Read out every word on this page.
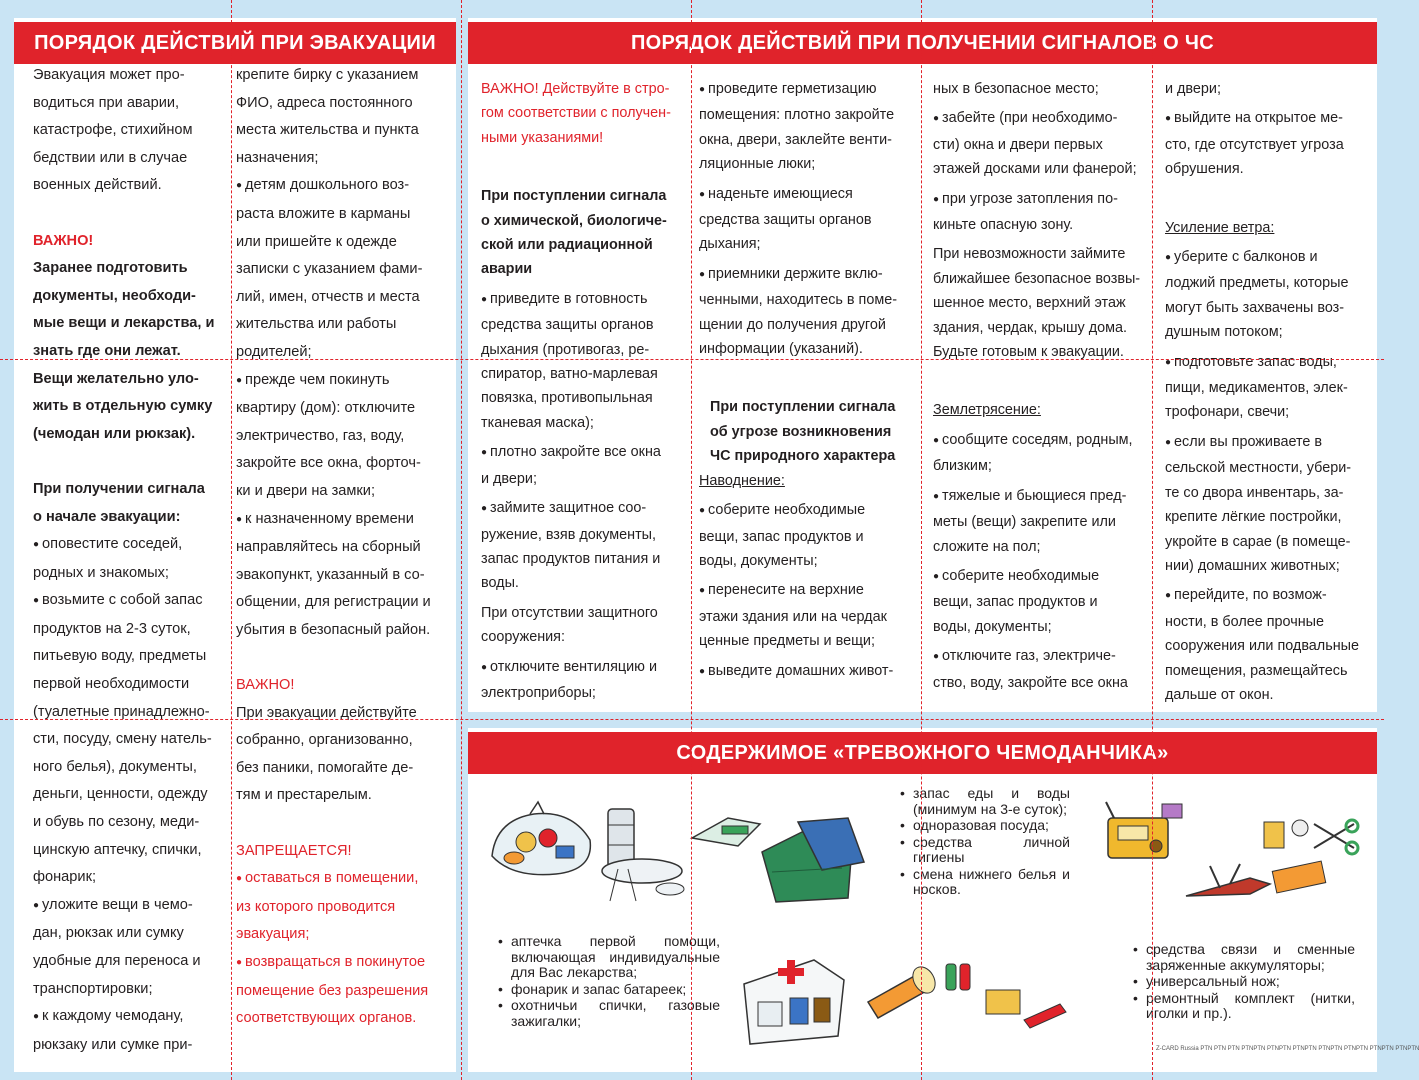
ПОРЯДОК ДЕЙСТВИЙ ПРИ ЭВАКУАЦИИ	ПОРЯДОК ДЕЙСТВИЙ ПРИ ПОЛУЧЕНИИ СИГНАЛОВ О ЧС
СОДЕРЖИМОЕ «ТРЕВОЖНОГО ЧЕМОДАНЧИКА»

Эвакуация может про-

водиться при аварии,

катастрофе, стихийном

бедствии или в случае

военных действий.

ВАЖНО!

Заранее подготовить

документы, необходи-

мые вещи и лекарства, и

знать где они лежат.

Вещи желательно уло-

жить в отдельную сумку

(чемодан или рюкзак).

При получении сигнала

о начале эвакуации:

● оповестите соседей,

родных и знакомых;

● возьмите с собой запас

продуктов на 2-3 суток,

питьевую воду, предметы

первой необходимости

(туалетные принадлежно-

сти, посуду, смену натель-

ного белья), документы,

деньги, ценности, одежду

и обувь по сезону, меди-

цинскую аптечку, спички,

фонарик;

● уложите вещи в чемо-

дан, рюкзак или сумку

удобные для переноса и

транспортировки;

● к каждому чемодану,

рюкзаку или сумке при-

крепите бирку с указанием

ФИО, адреса постоянного

места жительства и пункта

назначения;

● детям дошкольного воз-

раста вложите в карманы

или пришейте к одежде

записки с указанием фами-

лий, имен, отчеств и места

жительства или работы

родителей;

● прежде чем покинуть

квартиру (дом): отключите

электричество, газ, воду,

закройте все окна, форточ-

ки и двери на замки;

● к назначенному времени

направляйтесь на сборный

эвакопункт, указанный в со-

общении, для регистрации и

убытия в безопасный район.

ВАЖНО!

При эвакуации действуйте

собранно, организованно,

без паники, помогайте де-

тям и престарелым.

ЗАПРЕЩАЕТСЯ!

● оставаться в помещении,

из которого проводится

эвакуация;

● возвращаться в покинутое

помещение без разрешения

соответствующих органов.

ВАЖНО! Действуйте в стро-

гом соответствии с получен-

ными указаниями!

При поступлении сигнала

о химической, биологиче-

ской или радиационной

аварии

● приведите в готовность

средства защиты органов

дыхания (противогаз, ре-

спиратор, ватно-марлевая

повязка, противопыльная

тканевая маска);

● плотно закройте все окна

и двери;

● займите защитное соо-

ружение, взяв документы,

запас продуктов питания и

воды.

При отсутствии защитного

сооружения:

● отключите вентиляцию и

электроприборы;

● проведите герметизацию

помещения: плотно закройте

окна, двери, заклейте венти-

ляционные люки;

● наденьте имеющиеся

средства защиты органов

дыхания;

● приемники держите вклю-

ченными, находитесь в поме-

щении до получения другой

информации (указаний).

При поступлении сигнала

об угрозе возникновения

ЧС природного характера

Наводнение:

● соберите необходимые

вещи, запас продуктов и

воды, документы;

● перенесите на верхние

этажи здания или на чердак

ценные предметы и вещи;

● выведите домашних живот-

ных в безопасное место;

● забейте (при необходимо-

сти) окна и двери первых

этажей досками или фанерой;

● при угрозе затопления по-

киньте опасную зону.

При невозможности займите

ближайшее безопасное возвы-

шенное место, верхний этаж

здания, чердак, крышу дома.

Будьте готовым к эвакуации.

Землетрясение:

● сообщите соседям, родным,

близким;

● тяжелые и бьющиеся пред-

меты (вещи) закрепите или

сложите на пол;

● соберите необходимые

вещи, запас продуктов и

воды, документы;

● отключите газ, электриче-

ство, воду, закройте все окна

и двери;

● выйдите на открытое ме-

сто, где отсутствует угроза

обрушения.

Усиление ветра:

● уберите с балконов и

лоджий предметы, которые

могут быть захвачены воз-

душным потоком;

● подготовьте запас воды,

пищи, медикаментов, элек-

трофонари, свечи;

● если вы проживаете в

сельской местности, убери-

те со двора инвентарь, за-

крепите лёгкие постройки,

укройте в сарае (в помеще-

нии) домашних животных;

● перейдите, по возмож-

ности, в более прочные

сооружения или подвальные

помещения, размещайтесь

дальше от окон.

• запас еды и воды (минимум на 3-е суток);
• одноразовая посуда;
• средства личной гигиены
• смена нижнего белья и носков.
• аптечка первой помощи, включающая индивидуальные для Вас лекарства;
• фонарик и запас батареек;
• охотничьи спички, газовые зажигалки;
• средства связи и сменные заряженные аккумуляторы;
• универсальный нож;
• ремонтный комплект (нитки, иголки и пр.).
Z-CARD Russia PTN PTN PTN PTNPTN PTNPTN PTNPTN PTNPTN PTNPTN PTNPTN PTNPTN
